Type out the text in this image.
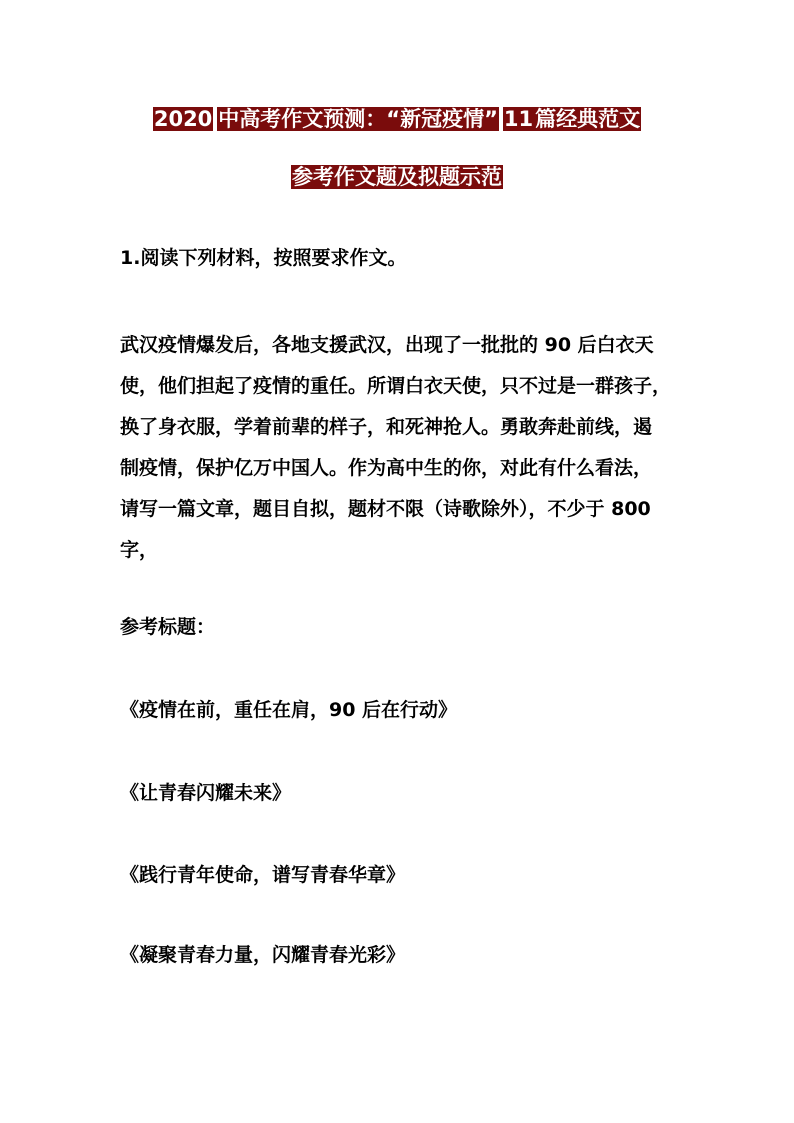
2020 中高考作文预测：“新冠疫情” 11篇经典范文
参考作文题及拟题示范
1.阅读下列材料，按照要求作文。
武汉疫情爆发后，各地支援武汉，出现了一批批的 90 后白衣天
使，他们担起了疫情的重任。所谓白衣天使，只不过是一群孩子，
换了身衣服，学着前辈的样子，和死神抢人。勇敢奔赴前线，遏
制疫情，保护亿万中国人。作为高中生的你，对此有什么看法，
请写一篇文章，题目自拟，题材不限（诗歌除外），不少于 800
字，
参考标题：
《疫情在前，重任在肩，90 后在行动》
《让青春闪耀未来》
《践行青年使命，谱写青春华章》
《凝聚青春力量，闪耀青春光彩》
